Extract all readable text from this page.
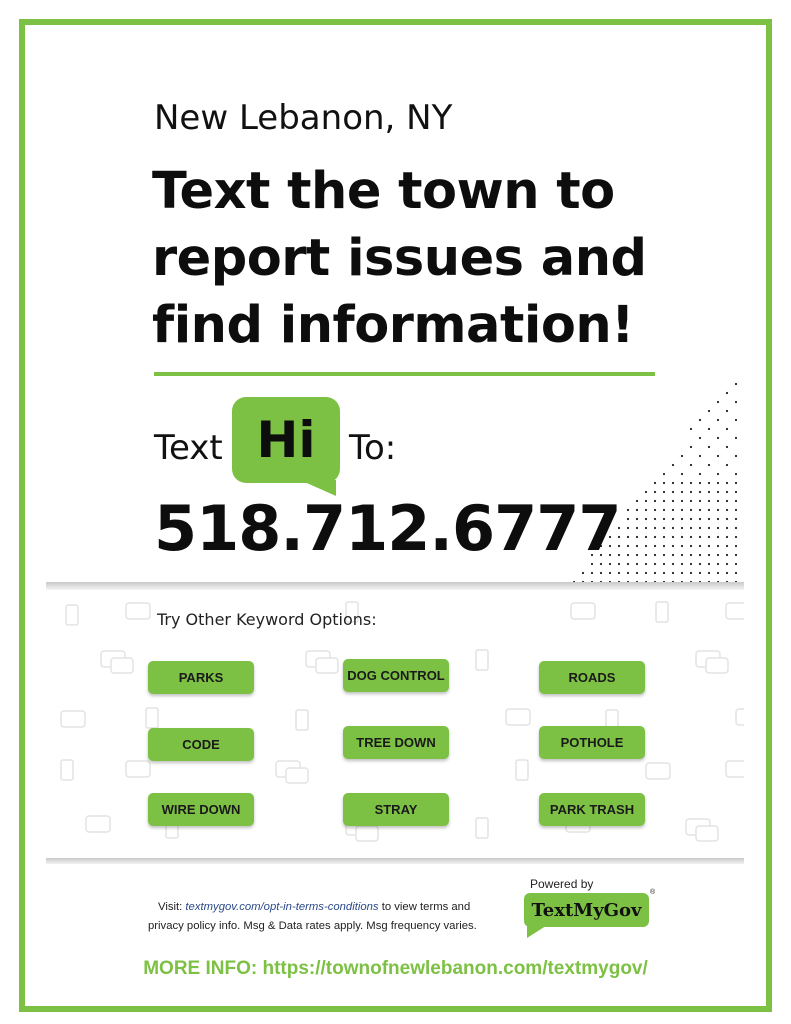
New Lebanon, NY
Text the town to
report issues and
find information!
Text Hi To:
518.712.6777
Try Other Keyword Options:
PARKS	DOG CONTROL	ROADS
CODE	TREE DOWN	POTHOLE
WIRE DOWN	STRAY	PARK TRASH
Visit: textmygov.com/opt-in-terms-conditions to view terms and
privacy policy info. Msg & Data rates apply. Msg frequency varies.
Powered by
TextMyGov
®
MORE INFO: https://townofnewlebanon.com/textmygov/
